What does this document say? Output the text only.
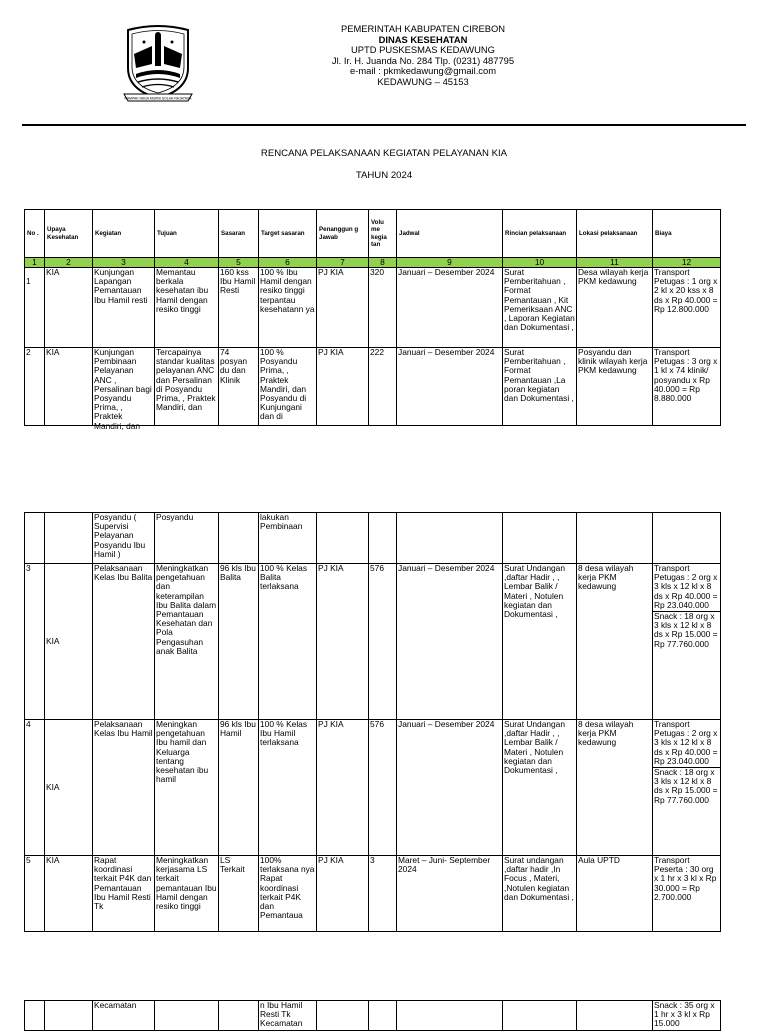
RAMPAK NAGA MURNI SOLAH RAJAYASA
PEMERINTAH KABUPATEN CIREBON
DINAS KESEHATAN
UPTD PUSKESMAS KEDAWUNG
Jl. Ir. H. Juanda No. 284 Tlp. (0231) 487795
e-mail : pkmkedawung@gmail.com
KEDAWUNG – 45153
RENCANA PELAKSANAAN KEGIATAN PELAYANAN KIA
TAHUN 2024
No .	Upaya Kesehatan	Kegiatan	Tujuan	Sasaran	Target sasaran	Penanggun g Jawab	Volu me kegia tan	Jadwal	Rincian pelaksanaan	Lokasi pelaksanaan	Biaya
1	2	3	4	5	6	7	8	9	10	11	12

1	KIA	Kunjungan Lapangan Pemantauan Ibu Hamil resti	Memantau berkala kesehatan ibu Hamil dengan resiko tinggi	160 kss Ibu Hamil Resti	100 % Ibu Hamil dengan resiko tinggi terpantau kesehatann ya	PJ KIA	320	Januari – Desember 2024	Surat Pemberitahuan , Format Pemantauan , Kit Pemeriksaan ANC , Laporan Kegiatan dan Dokumentasi ,	Desa wilayah kerja PKM kedawung	Transport Petugas : 1 org x 2 kl x 20 kss x 8 ds x Rp 40.000 = Rp 12.800.000
2	KIA	Kunjungan Pembinaan Pelayanan ANC , Persalinan bagi Posyandu Prima, , Praktek Mandiri, dan	Tercapainya standar kualitas pelayanan ANC dan Persalinan di Posyandu Prima, , Praktek Mandiri, dan	74 posyan du dan Klinik	100 % Posyandu Prima, , Praktek Mandiri, dan Posyandu di Kunjungani dan di	PJ KIA	222	Januari – Desember 2024	Surat Pemberitahuan , Format Pemantauan ,La poran kegiatan dan Dokumentasi ,	Posyandu dan klinik wilayah kerja PKM kedawung	Transport Petugas : 3 org x 1 kl x 74 klinik/ posyandu x Rp 40.000 = Rp 8.880.000
		Posyandu ( Supervisi Pelayanan Posyandu Ibu Hamil )	Posyandu		lakukan Pembinaan						
3	KIA	Pelaksanaan Kelas Ibu Balita	Meningkatkan pengetahuan dan keterampilan Ibu Balita dalam Pemantauan Kesehatan dan Pola Pengasuhan anak Balita	96 kls Ibu Balita	100 % Kelas Balita terlaksana	PJ KIA	576	Januari – Desember 2024	Surat Undangan ,daftar Hadir , , Lembar Balik / Materi , Notulen kegiatan dan Dokumentasi ,	8 desa wilayah kerja PKM kedawung	Transport Petugas : 2 org x 3 kls x 12 kl x 8 ds x Rp 40.000 = Rp 23.040.000
Snack : 18 org x 3 kls x 12 kl x 8 ds x Rp 15.000 = Rp 77.760.000

4	KIA	Pelaksanaan Kelas Ibu Hamil	Meningkan pengetahuan Ibu hamil dan Keluarga tentang kesehatan ibu hamil	96 kls Ibu Hamil	100 % Kelas Ibu Hamil terlaksana	PJ KIA	576	Januari – Desember 2024	Surat Undangan ,daftar Hadir , , Lembar Balik / Materi , Notulen kegiatan dan Dokumentasi ,	8 desa wilayah kerja PKM kedawung	Transport Petugas : 2 org x 3 kls x 12 kl x 8 ds x Rp 40.000 = Rp 23.040.000
Snack : 18 org x 3 kls x 12 kl x 8 ds x Rp 15.000 = Rp 77.760.000

5	KIA	Rapat koordinasi terkait P4K dan Pemantauan Ibu Hamil Resti Tk	Meningkatkan kerjasama LS terkait pemantauan Ibu Hamil dengan resiko tinggi	LS Terkait	100% terlaksana nya Rapat koordinasi terkait P4K dan Pemantaua	PJ KIA	3	Maret – Juni- September 2024	Surat undangan ,daftar hadir ,In Focus , Materi, ,Notulen kegiatan dan Dokumentasi ,	Aula UPTD	Transport Peserta : 30 org x 1 hr x 3 kl x Rp 30.000 = Rp 2.700.000
		Kecamatan			n Ibu Hamil Resti Tk Kecamatan						Snack : 35 org x 1 hr x 3 kl x Rp 15.000
